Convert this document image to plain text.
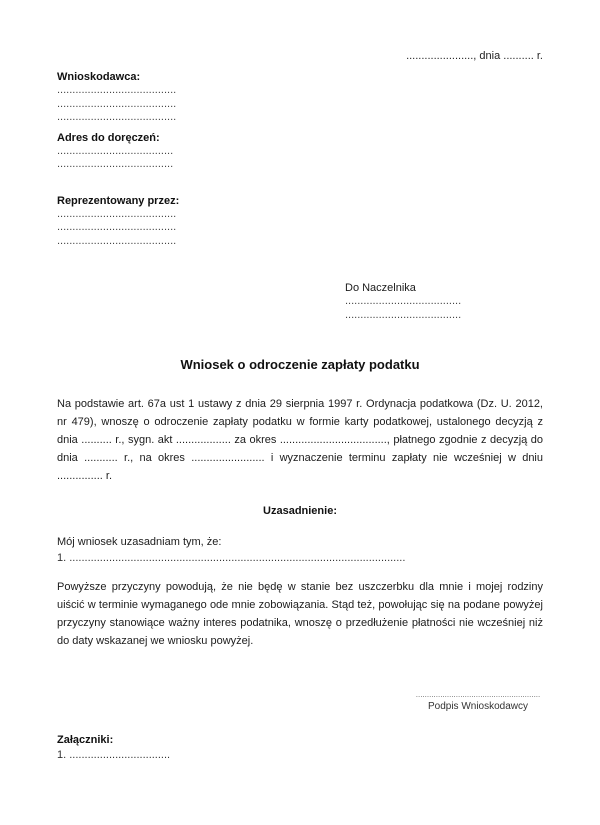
......................, dnia .......... r.
Wnioskodawca:
.......................................
.......................................
.......................................
Adres do doręczeń:
......................................
......................................
Reprezentowany przez:
.......................................
.......................................
.......................................
Do Naczelnika
......................................
......................................
Wniosek o odroczenie zapłaty podatku
Na podstawie art. 67a ust 1 ustawy z dnia 29 sierpnia 1997 r. Ordynacja podatkowa (Dz. U. 2012, nr 479), wnoszę o odroczenie zapłaty podatku w formie karty podatkowej, ustalonego decyzją z dnia .......... r., sygn. akt .................. za okres ..................................., płatnego zgodnie z decyzją do dnia ........... r., na okres ........................ i wyznaczenie terminu zapłaty nie wcześniej w dniu ............... r.
Uzasadnienie:
Mój wniosek uzasadniam tym, że:
1. ..............................................................................................................
Powyższe przyczyny powodują, że nie będę w stanie bez uszczerbku dla mnie i mojej rodziny uiścić w terminie wymaganego ode mnie zobowiązania. Stąd też, powołując się na podane powyżej przyczyny stanowiące ważny interes podatnika, wnoszę o przedłużenie płatności nie wcześniej niż do daty wskazanej we wniosku powyżej.
........................................................
Podpis Wnioskodawcy
Załączniki:
1. .................................
